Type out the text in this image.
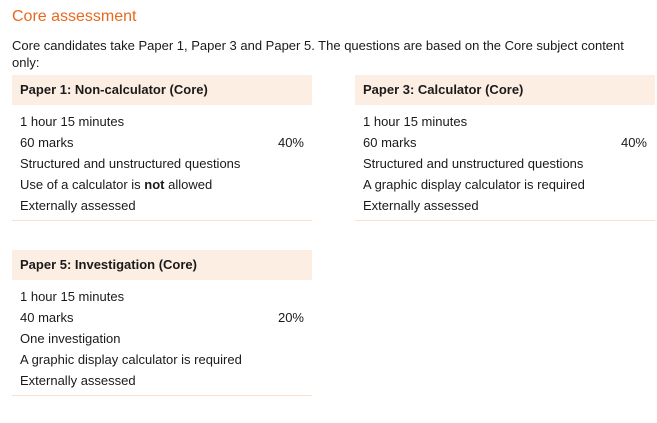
Core assessment

Core candidates take Paper 1, Paper 3 and Paper 5. The questions are based on the Core subject content only:

Paper 1: Non-calculator (Core)
1 hour 15 minutes
60 marks	40%
Structured and unstructured questions
Use of a calculator is not allowed
Externally assessed
Paper 3: Calculator (Core)
1 hour 15 minutes
60 marks	40%
Structured and unstructured questions
A graphic display calculator is required
Externally assessed
Paper 5: Investigation (Core)
1 hour 15 minutes
40 marks	20%
One investigation
A graphic display calculator is required
Externally assessed
